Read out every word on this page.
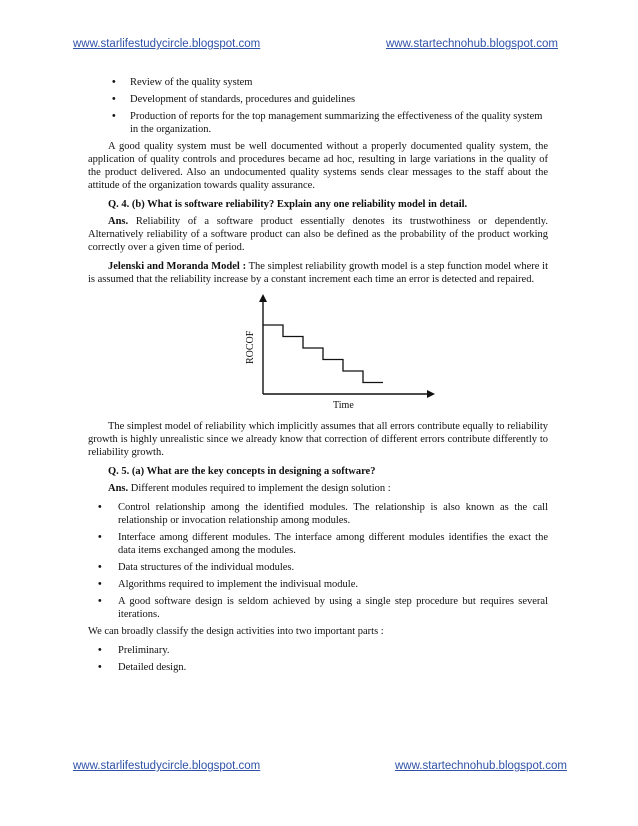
www.starlifestudycircle.blogspot.com	www.startechnohub.blogspot.com
• Review of the quality system
• Development of standards, procedures and guidelines
• Production of reports for the top management summarizing the effectiveness of the quality system in the organization.

A good quality system must be well documented without a properly documented quality system, the application of quality controls and procedures became ad hoc, resulting in large variations in the quality of the product delivered. Also an undocumented quality systems sends clear messages to the staff about the attitude of the organization towards quality assurance.

Q. 4. (b) What is software reliability? Explain any one reliability model in detail.

Ans. Reliability of a software product essentially denotes its trustwothiness or dependently. Alternatively reliability of a software product can also be defined as the probability of the product working correctly over a given time of period.

Jelenski and Moranda Model : The simplest reliability growth model is a step function model where it is assumed that the reliability increase by a constant increment each time an error is detected and repaired.

Time
ROCOF

The simplest model of reliability which implicitly assumes that all errors contribute equally to reliability growth is highly unrealistic since we already know that correction of different errors contribute differently to reliability growth.

Q. 5. (a) What are the key concepts in designing a software?

Ans. Different modules required to implement the design solution :

• Control relationship among the identified modules. The relationship is also known as the call relationship or invocation relationship among modules.
• Interface among different modules. The interface among different modules identifies the exact the data items exchanged among the modules.
• Data structures of the individual modules.
• Algorithms required to implement the indivisual module.
• A good software design is seldom achieved by using a single step procedure but requires several iterations.

We can broadly classify the design activities into two important parts :

• Preliminary.
• Detailed design.
www.starlifestudycircle.blogspot.com	www.startechnohub.blogspot.com
